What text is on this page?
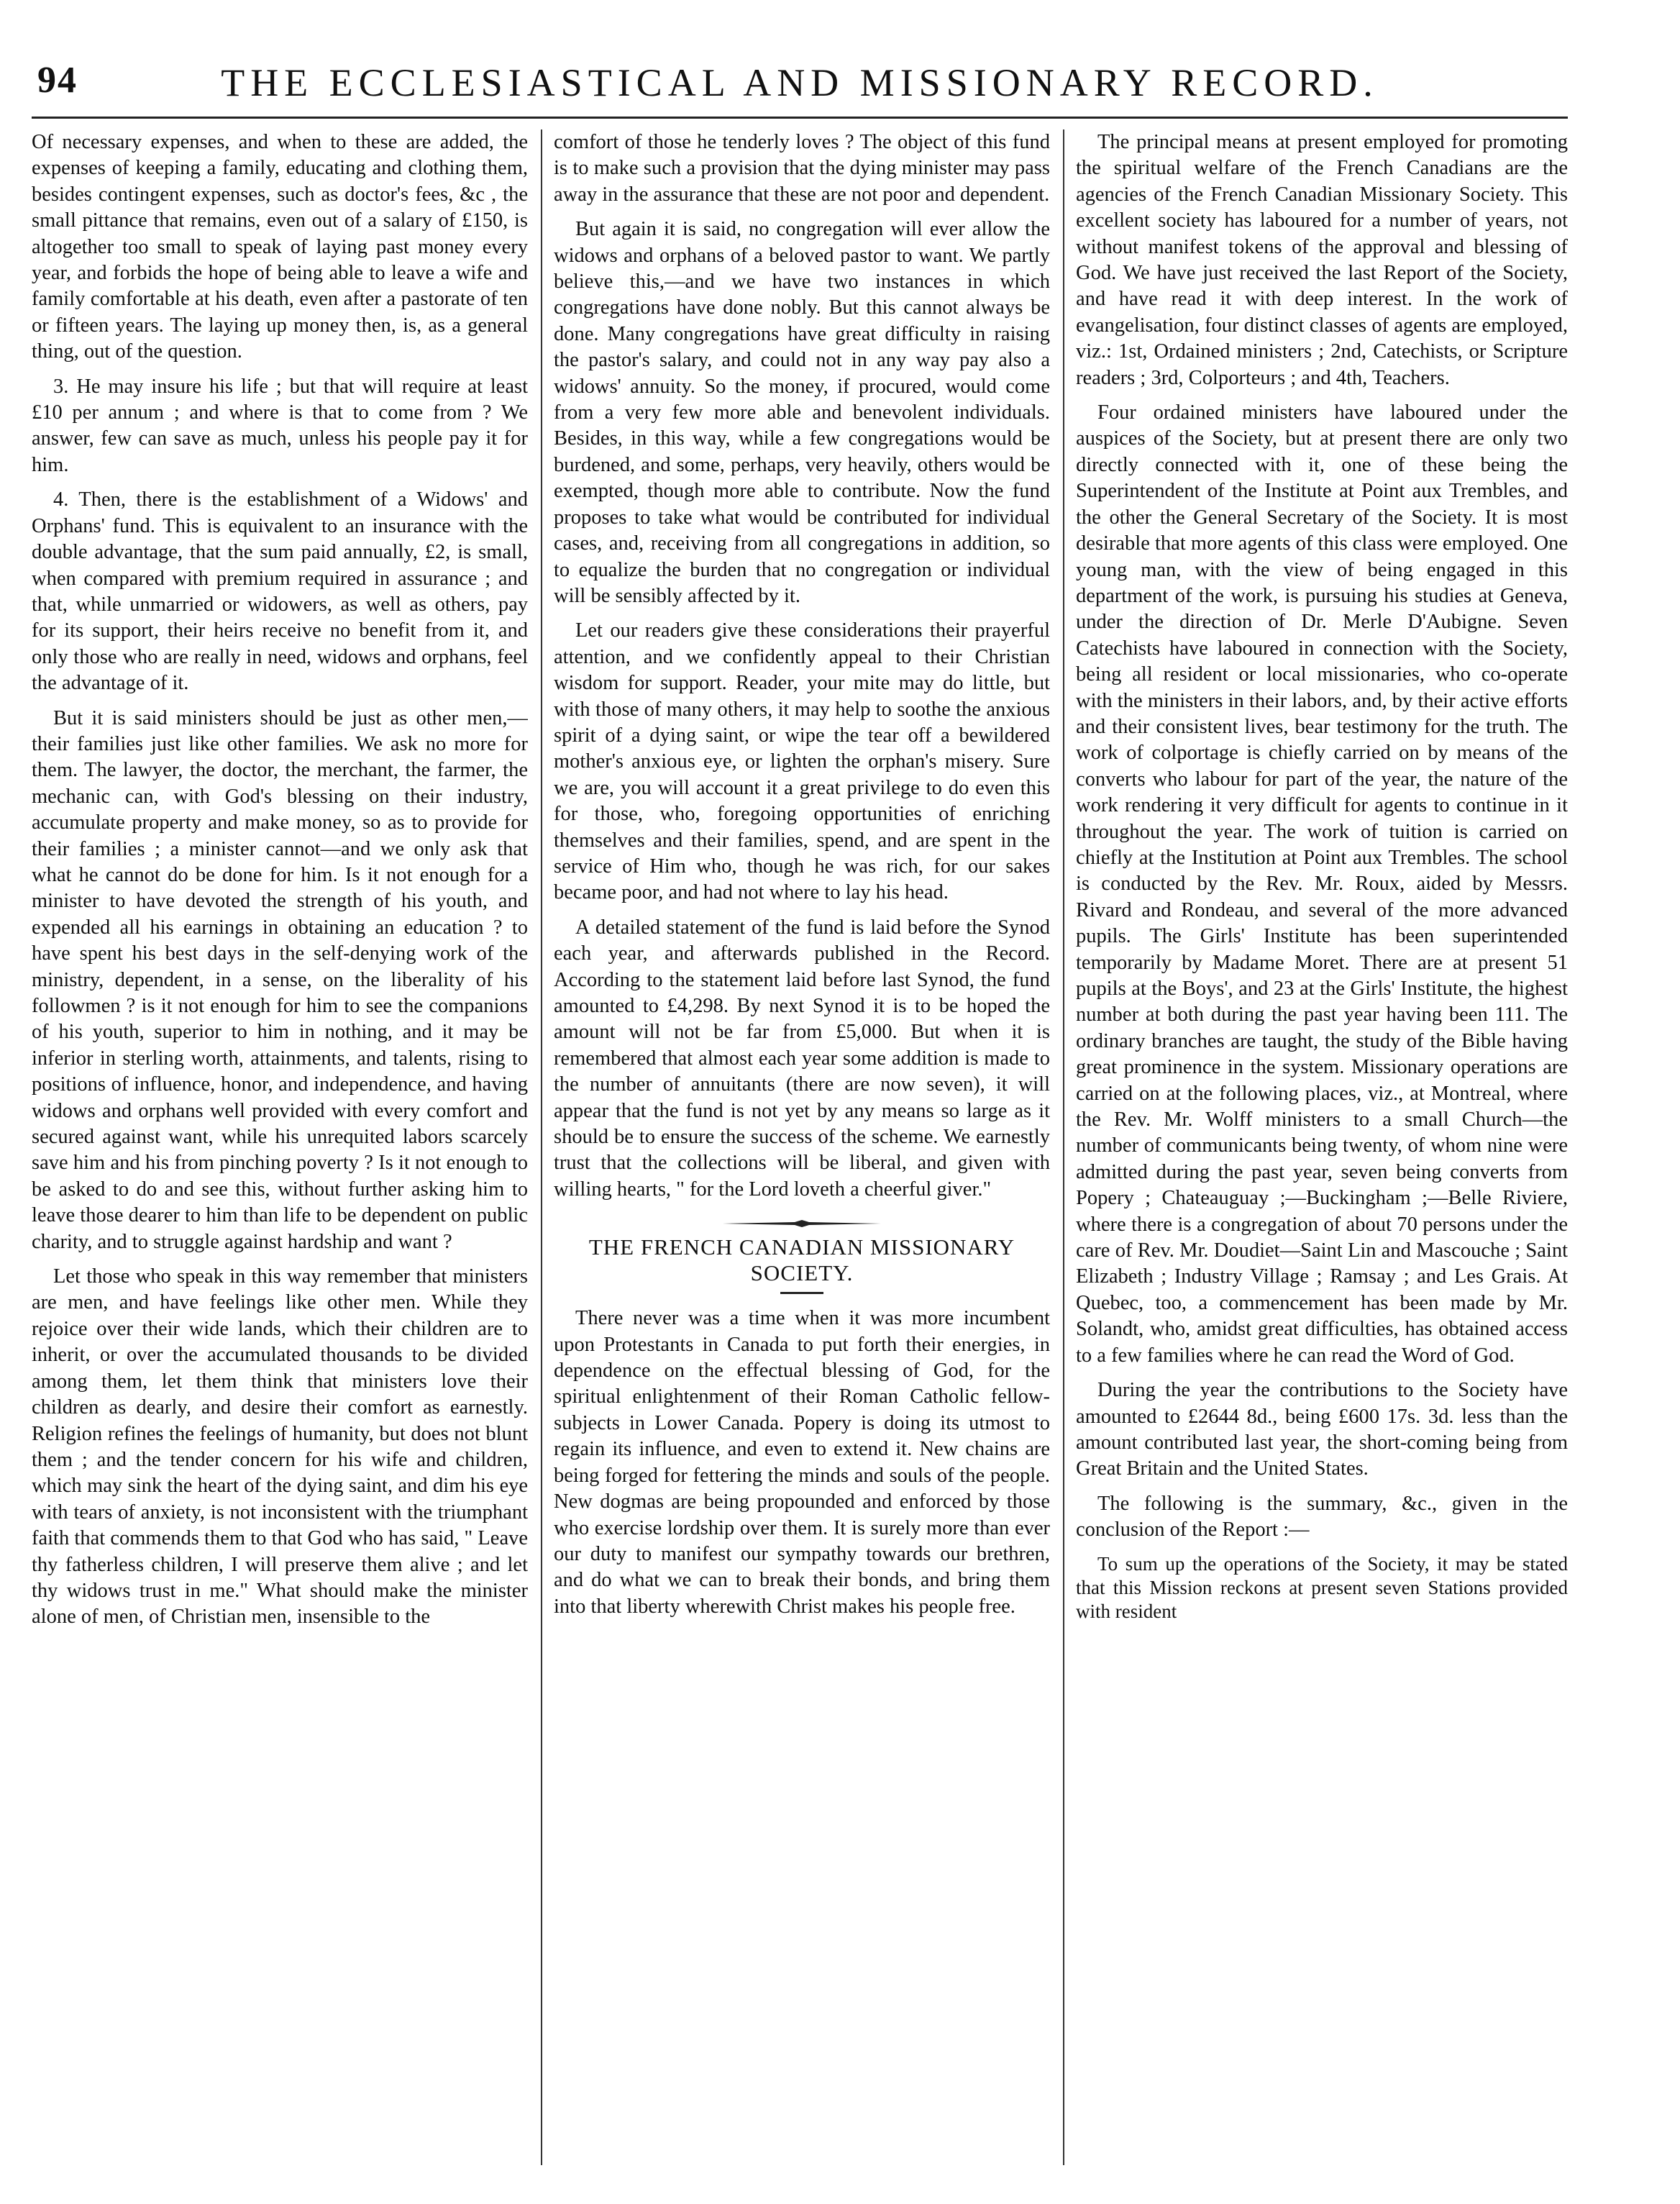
94	THE ECCLESIASTICAL AND MISSIONARY RECORD.

Of necessary expenses, and when to these are added, the expenses of keeping a family, educating and clothing them, besides contingent expenses, such as doctor's fees, &c , the small pittance that remains, even out of a salary of £150, is altogether too small to speak of laying past money every year, and forbids the hope of being able to leave a wife and family comfortable at his death, even after a pastorate of ten or fifteen years. The laying up money then, is, as a general thing, out of the question.

3. He may insure his life ; but that will require at least £10 per annum ; and where is that to come from ? We answer, few can save as much, unless his people pay it for him.

4. Then, there is the establishment of a Widows' and Orphans' fund. This is equivalent to an insurance with the double advantage, that the sum paid annually, £2, is small, when compared with premium required in assurance ; and that, while unmarried or widowers, as well as others, pay for its support, their heirs receive no benefit from it, and only those who are really in need, widows and orphans, feel the advantage of it.

But it is said ministers should be just as other men,—their families just like other families. We ask no more for them. The lawyer, the doctor, the merchant, the farmer, the mechanic can, with God's blessing on their industry, accumulate property and make money, so as to provide for their families ; a minister cannot—and we only ask that what he cannot do be done for him. Is it not enough for a minister to have devoted the strength of his youth, and expended all his earnings in obtaining an education ? to have spent his best days in the self-denying work of the ministry, dependent, in a sense, on the liberality of his followmen ? is it not enough for him to see the companions of his youth, superior to him in nothing, and it may be inferior in sterling worth, attainments, and talents, rising to positions of influence, honor, and independence, and having widows and orphans well provided with every comfort and secured against want, while his unrequited labors scarcely save him and his from pinching poverty ? Is it not enough to be asked to do and see this, without further asking him to leave those dearer to him than life to be dependent on public charity, and to struggle against hardship and want ?

Let those who speak in this way remember that ministers are men, and have feelings like other men. While they rejoice over their wide lands, which their children are to inherit, or over the accumulated thousands to be divided among them, let them think that ministers love their children as dearly, and desire their comfort as earnestly. Religion refines the feelings of humanity, but does not blunt them ; and the tender concern for his wife and children, which may sink the heart of the dying saint, and dim his eye with tears of anxiety, is not inconsistent with the triumphant faith that commends them to that God who has said, " Leave thy fatherless children, I will preserve them alive ; and let thy widows trust in me." What should make the minister alone of men, of Christian men, insensible to the

comfort of those he tenderly loves ? The object of this fund is to make such a provision that the dying minister may pass away in the assurance that these are not poor and dependent.

But again it is said, no congregation will ever allow the widows and orphans of a beloved pastor to want. We partly believe this,—and we have two instances in which congregations have done nobly. But this cannot always be done. Many congregations have great difficulty in raising the pastor's salary, and could not in any way pay also a widows' annuity. So the money, if procured, would come from a very few more able and benevolent individuals. Besides, in this way, while a few congregations would be burdened, and some, perhaps, very heavily, others would be exempted, though more able to contribute. Now the fund proposes to take what would be contributed for individual cases, and, receiving from all congregations in addition, so to equalize the burden that no congregation or individual will be sensibly affected by it.

Let our readers give these considerations their prayerful attention, and we confidently appeal to their Christian wisdom for support. Reader, your mite may do little, but with those of many others, it may help to soothe the anxious spirit of a dying saint, or wipe the tear off a bewildered mother's anxious eye, or lighten the orphan's misery. Sure we are, you will account it a great privilege to do even this for those, who, foregoing opportunities of enriching themselves and their families, spend, and are spent in the service of Him who, though he was rich, for our sakes became poor, and had not where to lay his head.

A detailed statement of the fund is laid before the Synod each year, and afterwards published in the Record. According to the statement laid before last Synod, the fund amounted to £4,298. By next Synod it is to be hoped the amount will not be far from £5,000. But when it is remembered that almost each year some addition is made to the number of annuitants (there are now seven), it will appear that the fund is not yet by any means so large as it should be to ensure the success of the scheme. We earnestly trust that the collections will be liberal, and given with willing hearts, " for the Lord loveth a cheerful giver."

THE FRENCH CANADIAN MISSIONARY SOCIETY.

There never was a time when it was more incumbent upon Protestants in Canada to put forth their energies, in dependence on the effectual blessing of God, for the spiritual enlightenment of their Roman Catholic fellow-subjects in Lower Canada. Popery is doing its utmost to regain its influence, and even to extend it. New chains are being forged for fettering the minds and souls of the people. New dogmas are being propounded and enforced by those who exercise lordship over them. It is surely more than ever our duty to manifest our sympathy towards our brethren, and do what we can to break their bonds, and bring them into that liberty wherewith Christ makes his people free.

The principal means at present employed for promoting the spiritual welfare of the French Canadians are the agencies of the French Canadian Missionary Society. This excellent society has laboured for a number of years, not without manifest tokens of the approval and blessing of God. We have just received the last Report of the Society, and have read it with deep interest. In the work of evangelisation, four distinct classes of agents are employed, viz.: 1st, Ordained ministers ; 2nd, Catechists, or Scripture readers ; 3rd, Colporteurs ; and 4th, Teachers.

Four ordained ministers have laboured under the auspices of the Society, but at present there are only two directly connected with it, one of these being the Superintendent of the Institute at Point aux Trembles, and the other the General Secretary of the Society. It is most desirable that more agents of this class were employed. One young man, with the view of being engaged in this department of the work, is pursuing his studies at Geneva, under the direction of Dr. Merle D'Aubigne. Seven Catechists have laboured in connection with the Society, being all resident or local missionaries, who co-operate with the ministers in their labors, and, by their active efforts and their consistent lives, bear testimony for the truth. The work of colportage is chiefly carried on by means of the converts who labour for part of the year, the nature of the work rendering it very difficult for agents to continue in it throughout the year. The work of tuition is carried on chiefly at the Institution at Point aux Trembles. The school is conducted by the Rev. Mr. Roux, aided by Messrs. Rivard and Rondeau, and several of the more advanced pupils. The Girls' Institute has been superintended temporarily by Madame Moret. There are at present 51 pupils at the Boys', and 23 at the Girls' Institute, the highest number at both during the past year having been 111. The ordinary branches are taught, the study of the Bible having great prominence in the system. Missionary operations are carried on at the following places, viz., at Montreal, where the Rev. Mr. Wolff ministers to a small Church—the number of communicants being twenty, of whom nine were admitted during the past year, seven being converts from Popery ; Chateauguay ;—Buckingham ;—Belle Riviere, where there is a congregation of about 70 persons under the care of Rev. Mr. Doudiet—Saint Lin and Mascouche ; Saint Elizabeth ; Industry Village ; Ramsay ; and Les Grais. At Quebec, too, a commencement has been made by Mr. Solandt, who, amidst great difficulties, has obtained access to a few families where he can read the Word of God.

During the year the contributions to the Society have amounted to £2644 8d., being £600 17s. 3d. less than the amount contributed last year, the short-coming being from Great Britain and the United States.

The following is the summary, &c., given in the conclusion of the Report :—

To sum up the operations of the Society, it may be stated that this Mission reckons at present seven Stations provided with resident
